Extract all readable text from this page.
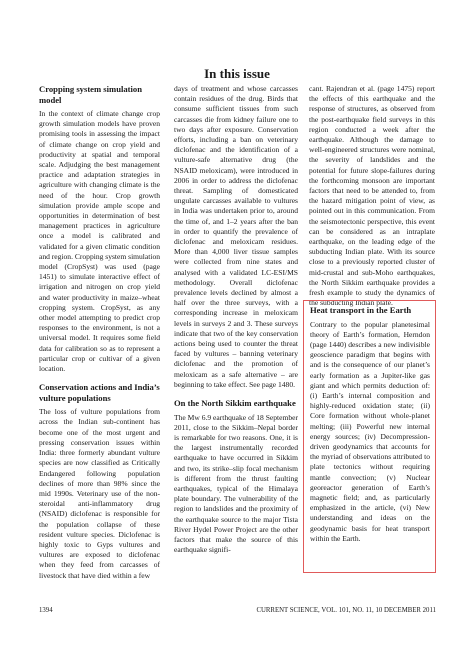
In this issue
Cropping system simulation model

In the context of climate change crop growth simulation models have proven promising tools in assessing the impact of climate change on crop yield and productivity at spatial and temporal scale. Adjudging the best management practice and adaptation strategies in agriculture with changing climate is the need of the hour. Crop growth simulation provide ample scope and opportunities in determination of best management practices in agriculture once a model is calibrated and validated for a given climatic condition and region. Cropping system simulation model (CropSyst) was used (page 1451) to simulate interactive effect of irrigation and nitrogen on crop yield and water productivity in maize–wheat cropping system. CropSyst, as any other model attempting to predict crop responses to the environment, is not a universal model. It requires some field data for calibration so as to represent a particular crop or cultivar of a given location.

Conservation actions and India’s vulture populations

The loss of vulture populations from across the Indian sub-continent has become one of the most urgent and pressing conservation issues within India: three formerly abundant vulture species are now classified as Critically Endangered following population declines of more than 98% since the mid 1990s. Veterinary use of the non-steroidal anti-inflammatory drug (NSAID) diclofenac is responsible for the population collapse of these resident vulture species. Diclofenac is highly toxic to Gyps vultures and vultures are exposed to diclofenac when they feed from carcasses of livestock that have died within a few

days of treatment and whose carcasses contain residues of the drug. Birds that consume sufficient tissues from such carcasses die from kidney failure one to two days after exposure. Conservation efforts, including a ban on veterinary diclofenac and the identification of a vulture-safe alternative drug (the NSAID meloxicam), were introduced in 2006 in order to address the diclofenac threat. Sampling of domesticated ungulate carcasses available to vultures in India was undertaken prior to, around the time of, and 1–2 years after the ban in order to quantify the prevalence of diclofenac and meloxicam residues. More than 4,000 liver tissue samples were collected from nine states and analysed with a validated LC-ESI/MS methodology. Overall diclofenac prevalence levels declined by almost a half over the three surveys, with a corresponding increase in meloxicam levels in surveys 2 and 3. These surveys indicate that two of the key conservation actions being used to counter the threat faced by vultures – banning veterinary diclofenac and the promotion of meloxicam as a safe alternative – are beginning to take effect. See page 1480.

On the North Sikkim earthquake

The Mw 6.9 earthquake of 18 September 2011, close to the Sikkim–Nepal border is remarkable for two reasons. One, it is the largest instrumentally recorded earthquake to have occurred in Sikkim and two, its strike–slip focal mechanism is different from the thrust faulting earthquakes, typical of the Himalaya plate boundary. The vulnerability of the region to landslides and the proximity of the earthquake source to the major Tista River Hydel Power Project are the other factors that make the source of this earthquake signifi-

cant. Rajendran et al. (page 1475) report the effects of this earthquake and the response of structures, as observed from the post-earthquake field surveys in this region conducted a week after the earthquake. Although the damage to well-engineered structures were nominal, the severity of landslides and the potential for future slope-failures during the forthcoming monsoon are important factors that need to be attended to, from the hazard mitigation point of view, as pointed out in this communication. From the seismotectonic perspective, this event can be considered as an intraplate earthquake, on the leading edge of the subducting Indian plate. With its source close to a previously reported cluster of mid-crustal and sub-Moho earthquakes, the North Sikkim earthquake provides a fresh example to study the dynamics of the subducting Indian plate.

Heat transport in the Earth

Contrary to the popular planetesimal theory of Earth’s formation, Herndon (page 1440) describes a new indivisible geoscience paradigm that begins with and is the consequence of our planet’s early formation as a Jupiter-like gas giant and which permits deduction of: (i) Earth’s internal composition and highly-reduced oxidation state; (ii) Core formation without whole-planet melting; (iii) Powerful new internal energy sources; (iv) Decompression-driven geodynamics that accounts for the myriad of observations attributed to plate tectonics without requiring mantle convection; (v) Nuclear georeactor generation of Earth’s magnetic field; and, as particularly emphasized in the article, (vi) New understanding and ideas on the geodynamic basis for heat transport within the Earth.

1394	CURRENT SCIENCE, VOL. 101, NO. 11, 10 DECEMBER 2011
